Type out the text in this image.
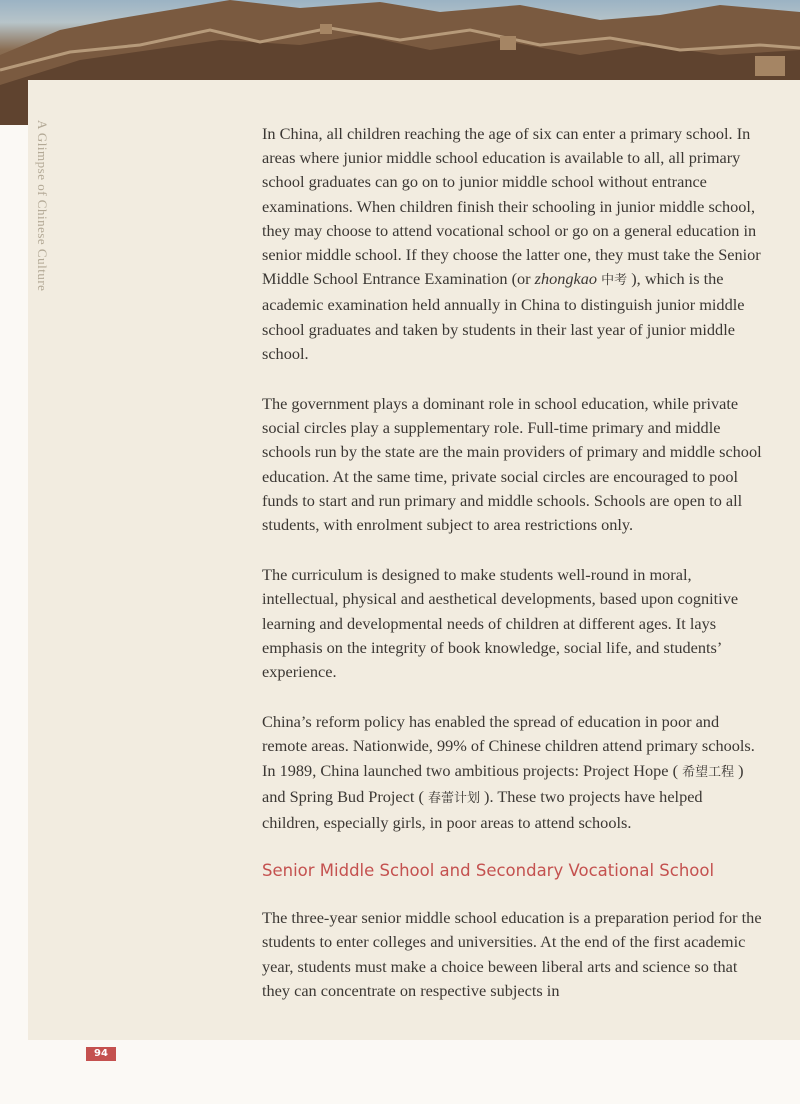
A Glimpse of Chinese Culture	In China, all children reaching the age of six can enter a primary school. In areas where junior middle school education is available to all, all primary school graduates can go on to junior middle school without entrance examinations. When children finish their schooling in junior middle school, they may choose to attend vocational school or go on a general education in senior middle school. If they choose the latter one, they must take the Senior Middle School Entrance Examination (or zhongkao 中考 ), which is the academic examination held annually in China to distinguish junior middle school graduates and taken by students in their last year of junior middle school.

The government plays a dominant role in school education, while private social circles play a supplementary role. Full-time primary and middle schools run by the state are the main providers of primary and middle school education. At the same time, private social circles are encouraged to pool funds to start and run primary and middle schools. Schools are open to all students, with enrolment subject to area restrictions only.

The curriculum is designed to make students well-round in moral, intellectual, physical and aesthetical developments, based upon cognitive learning and developmental needs of children at different ages. It lays emphasis on the integrity of book knowledge, social life, and students’ experience.

China’s reform policy has enabled the spread of education in poor and remote areas. Nationwide, 99% of Chinese children attend primary schools. In 1989, China launched two ambitious projects: Project Hope ( 希望工程 ) and Spring Bud Project ( 春蕾计划 ). These two projects have helped children, especially girls, in poor areas to attend schools.

Senior Middle School and Secondary Vocational School

The three-year senior middle school education is a preparation period for the students to enter colleges and universities. At the end of the first academic year, students must make a choice beween liberal arts and science so that they can concentrate on respective subjects in

94
